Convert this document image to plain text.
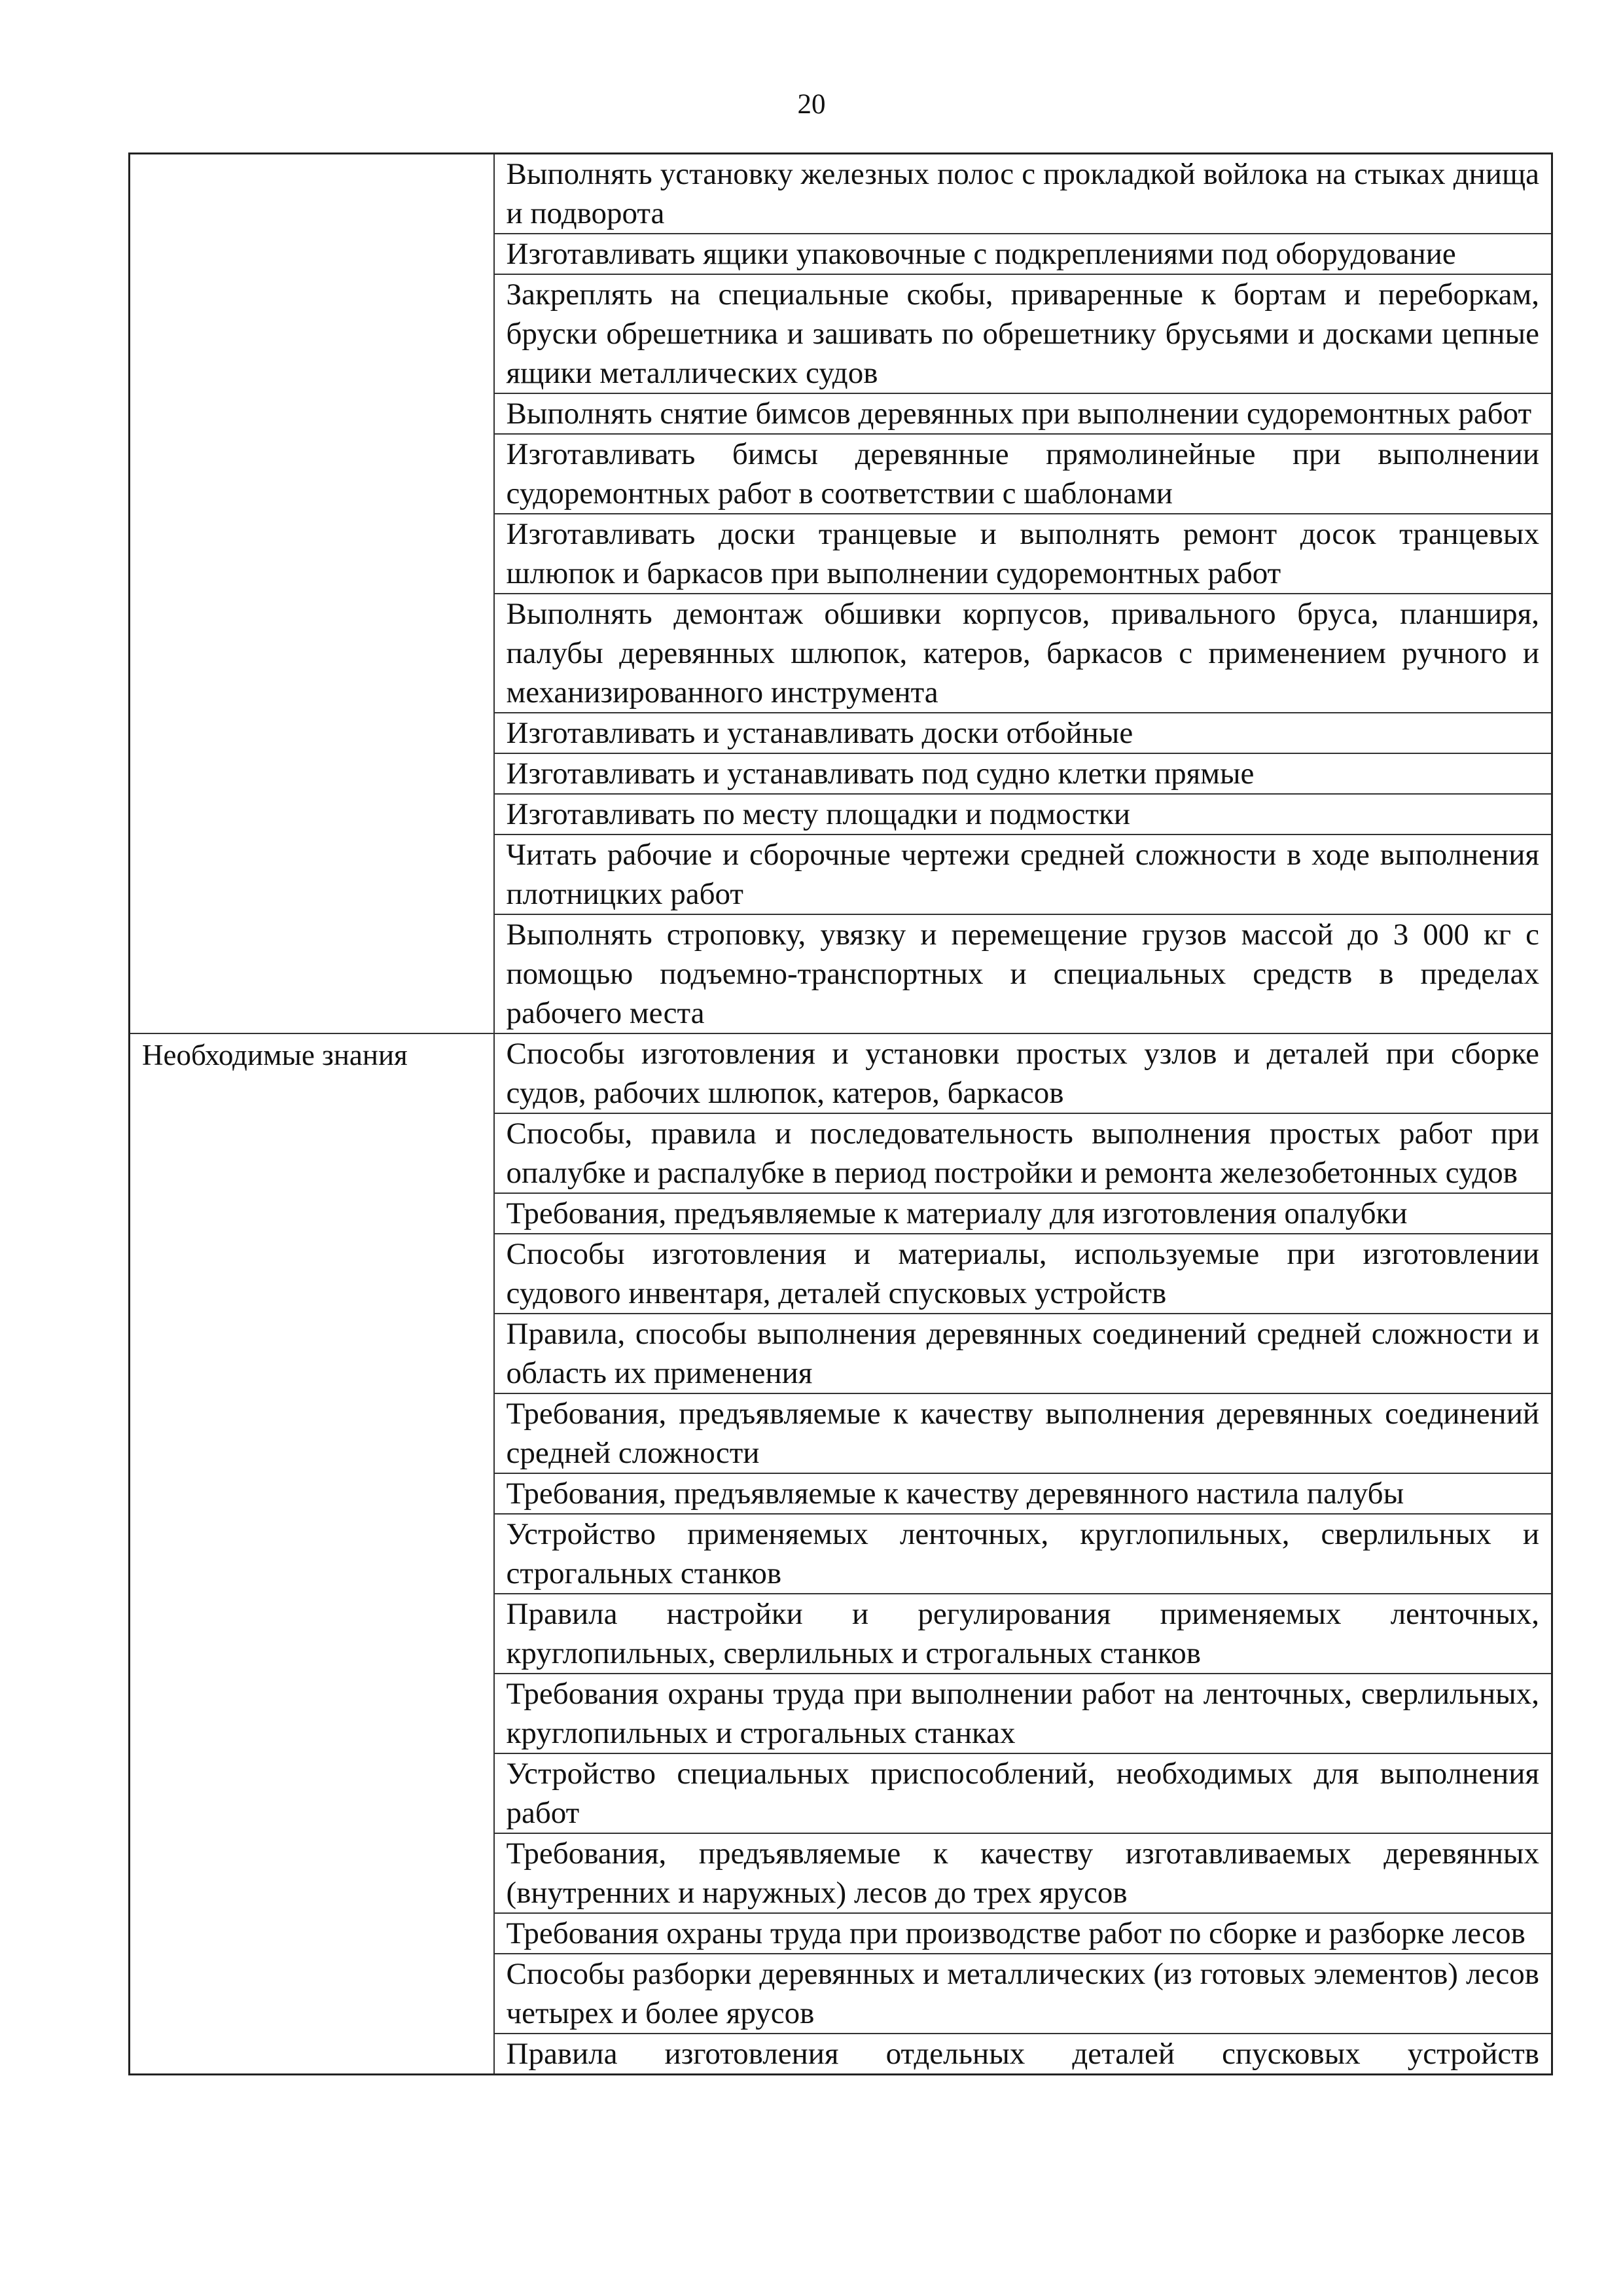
20
	Выполнять установку железных полос с прокладкой войлока на стыках днища и подворота
	Изготавливать ящики упаковочные с подкреплениями под оборудование
	Закреплять на специальные скобы, приваренные к бортам и переборкам, бруски обрешетника и зашивать по обрешетнику брусьями и досками цепные ящики металлических судов
	Выполнять снятие бимсов деревянных при выполнении судоремонтных работ
	Изготавливать бимсы деревянные прямолинейные при выполнении судоремонтных работ в соответствии с шаблонами
	Изготавливать доски транцевые и выполнять ремонт досок транцевых шлюпок и баркасов при выполнении судоремонтных работ
	Выполнять демонтаж обшивки корпусов, привального бруса, планширя, палубы деревянных шлюпок, катеров, баркасов с применением ручного и механизированного инструмента
	Изготавливать и устанавливать доски отбойные
	Изготавливать и устанавливать под судно клетки прямые
	Изготавливать по месту площадки и подмостки
	Читать рабочие и сборочные чертежи средней сложности в ходе выполнения плотницких работ
	Выполнять строповку, увязку и перемещение грузов массой до 3 000 кг с помощью подъемно-транспортных и специальных средств в пределах рабочего места
Необходимые знания	Способы изготовления и установки простых узлов и деталей при сборке судов, рабочих шлюпок, катеров, баркасов
	Способы, правила и последовательность выполнения простых работ при опалубке и распалубке в период постройки и ремонта железобетонных судов
	Требования, предъявляемые к материалу для изготовления опалубки
	Способы изготовления и материалы, используемые при изготовлении судового инвентаря, деталей спусковых устройств
	Правила, способы выполнения деревянных соединений средней сложности и область их применения
	Требования, предъявляемые к качеству выполнения деревянных соединений средней сложности
	Требования, предъявляемые к качеству деревянного настила палубы
	Устройство применяемых ленточных, круглопильных, сверлильных и строгальных станков
	Правила настройки и регулирования применяемых ленточных, круглопильных, сверлильных и строгальных станков
	Требования охраны труда при выполнении работ на ленточных, сверлильных, круглопильных и строгальных станках
	Устройство специальных приспособлений, необходимых для выполнения работ
	Требования, предъявляемые к качеству изготавливаемых деревянных (внутренних и наружных) лесов до трех ярусов
	Требования охраны труда при производстве работ по сборке и разборке лесов
	Способы разборки деревянных и металлических (из готовых элементов) лесов четырех и более ярусов
	Правила изготовления отдельных деталей спусковых устройств
